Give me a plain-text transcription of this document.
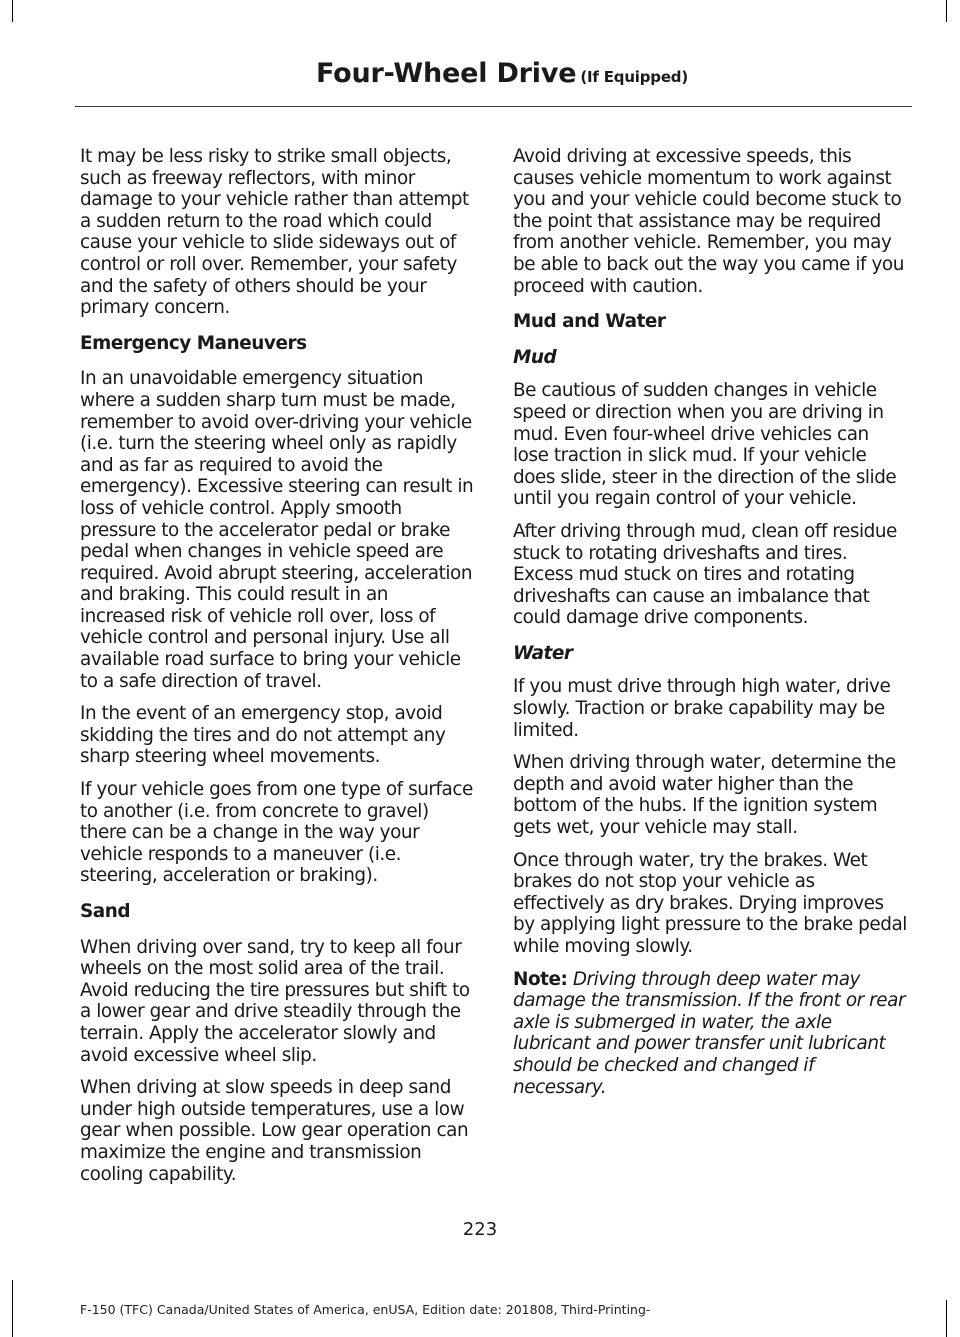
Four-Wheel Drive (If Equipped)

It may be less risky to strike small objects, such as freeway reflectors, with minor damage to your vehicle rather than attempt a sudden return to the road which could cause your vehicle to slide sideways out of control or roll over. Remember, your safety and the safety of others should be your primary concern.

Emergency Maneuvers

In an unavoidable emergency situation where a sudden sharp turn must be made, remember to avoid over-driving your vehicle (i.e. turn the steering wheel only as rapidly and as far as required to avoid the emergency). Excessive steering can result in loss of vehicle control. Apply smooth pressure to the accelerator pedal or brake pedal when changes in vehicle speed are required. Avoid abrupt steering, acceleration and braking. This could result in an increased risk of vehicle roll over, loss of vehicle control and personal injury. Use all available road surface to bring your vehicle to a safe direction of travel.

In the event of an emergency stop, avoid skidding the tires and do not attempt any sharp steering wheel movements.

If your vehicle goes from one type of surface to another (i.e. from concrete to gravel) there can be a change in the way your vehicle responds to a maneuver (i.e. steering, acceleration or braking).

Sand

When driving over sand, try to keep all four wheels on the most solid area of the trail. Avoid reducing the tire pressures but shift to a lower gear and drive steadily through the terrain. Apply the accelerator slowly and avoid excessive wheel slip.

When driving at slow speeds in deep sand under high outside temperatures, use a low gear when possible. Low gear operation can maximize the engine and transmission cooling capability.

Avoid driving at excessive speeds, this causes vehicle momentum to work against you and your vehicle could become stuck to the point that assistance may be required from another vehicle. Remember, you may be able to back out the way you came if you proceed with caution.

Mud and Water

Mud

Be cautious of sudden changes in vehicle speed or direction when you are driving in mud. Even four-wheel drive vehicles can lose traction in slick mud. If your vehicle does slide, steer in the direction of the slide until you regain control of your vehicle.

After driving through mud, clean off residue stuck to rotating driveshafts and tires. Excess mud stuck on tires and rotating driveshafts can cause an imbalance that could damage drive components.

Water

If you must drive through high water, drive slowly. Traction or brake capability may be limited.

When driving through water, determine the depth and avoid water higher than the bottom of the hubs. If the ignition system gets wet, your vehicle may stall.

Once through water, try the brakes. Wet brakes do not stop your vehicle as effectively as dry brakes. Drying improves by applying light pressure to the brake pedal while moving slowly.

Note: Driving through deep water may damage the transmission. If the front or rear axle is submerged in water, the axle lubricant and power transfer unit lubricant should be checked and changed if necessary.

223
F-150 (TFC) Canada/United States of America, enUSA, Edition date: 201808, Third-Printing-
